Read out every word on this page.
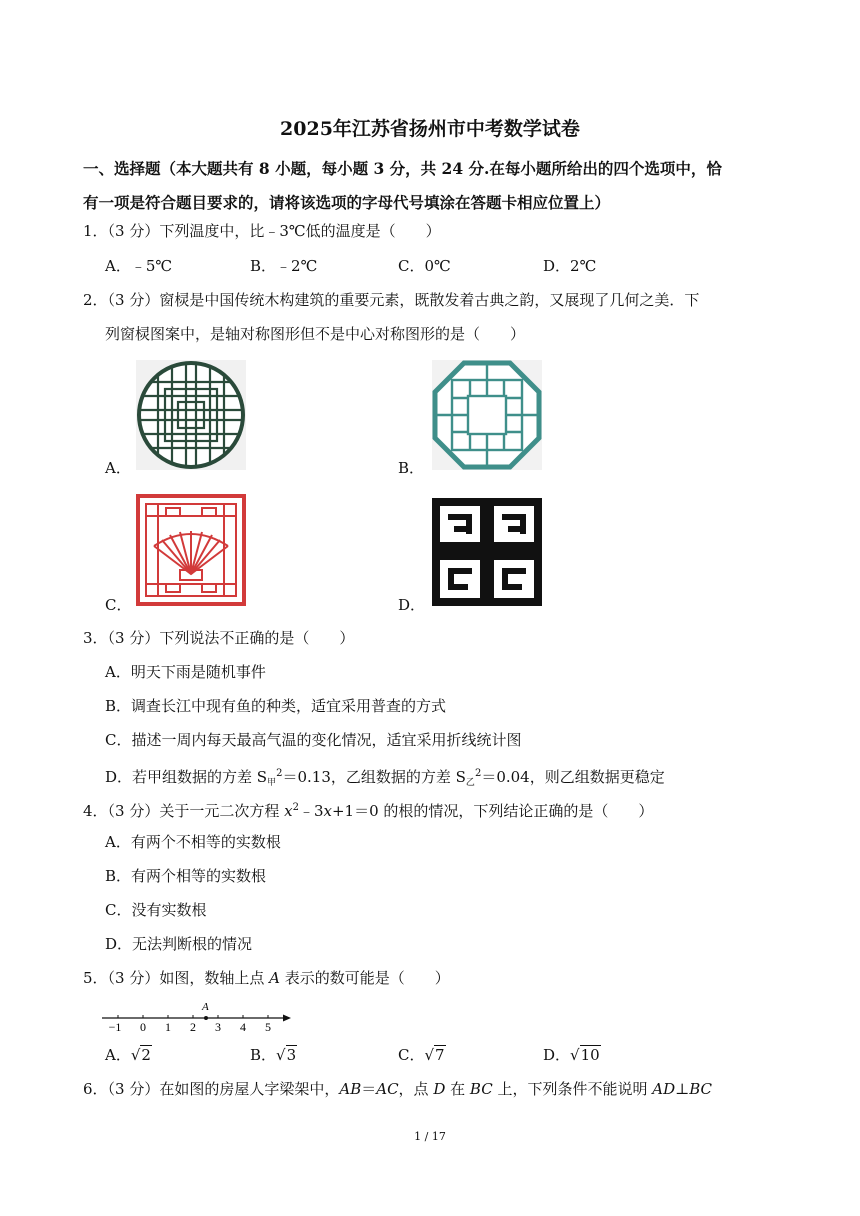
2025年江苏省扬州市中考数学试卷
一、选择题（本大题共有 8 小题，每小题 3 分，共 24 分.在每小题所给出的四个选项中，恰
有一项是符合题目要求的，请将该选项的字母代号填涂在答题卡相应位置上）
1．（3 分）下列温度中，比﹣3℃低的温度是（　　）
A．﹣5℃	B．﹣2℃	C．0℃	D．2℃
2．（3 分）窗棂是中国传统木构建筑的重要元素，既散发着古典之韵，又展现了几何之美．下
列窗棂图案中，是轴对称图形但不是中心对称图形的是（　　）
A．	B．
C．	D．
3．（3 分）下列说法不正确的是（　　）
A．明天下雨是随机事件
B．调查长江中现有鱼的种类，适宜采用普查的方式
C．描述一周内每天最高气温的变化情况，适宜采用折线统计图
D．若甲组数据的方差 $S_甲^2=0.13$，乙组数据的方差 $S_乙^2=0.04$，则乙组数据更稳定
4．（3 分）关于一元二次方程 $x^2﹣3x+1=0$ 的根的情况，下列结论正确的是（　　）
A．有两个不相等的实数根
B．有两个相等的实数根
C．没有实数根
D．无法判断根的情况
5．（3 分）如图，数轴上点 A 表示的数可能是（　　）
A
−1 0 1 2 3 4 5
A．√2	B．√3	C．√7	D．√10
6．（3 分）在如图的房屋人字梁架中，AB＝AC，点 D 在 BC 上，下列条件不能说明 AD⊥BC
1 / 17
